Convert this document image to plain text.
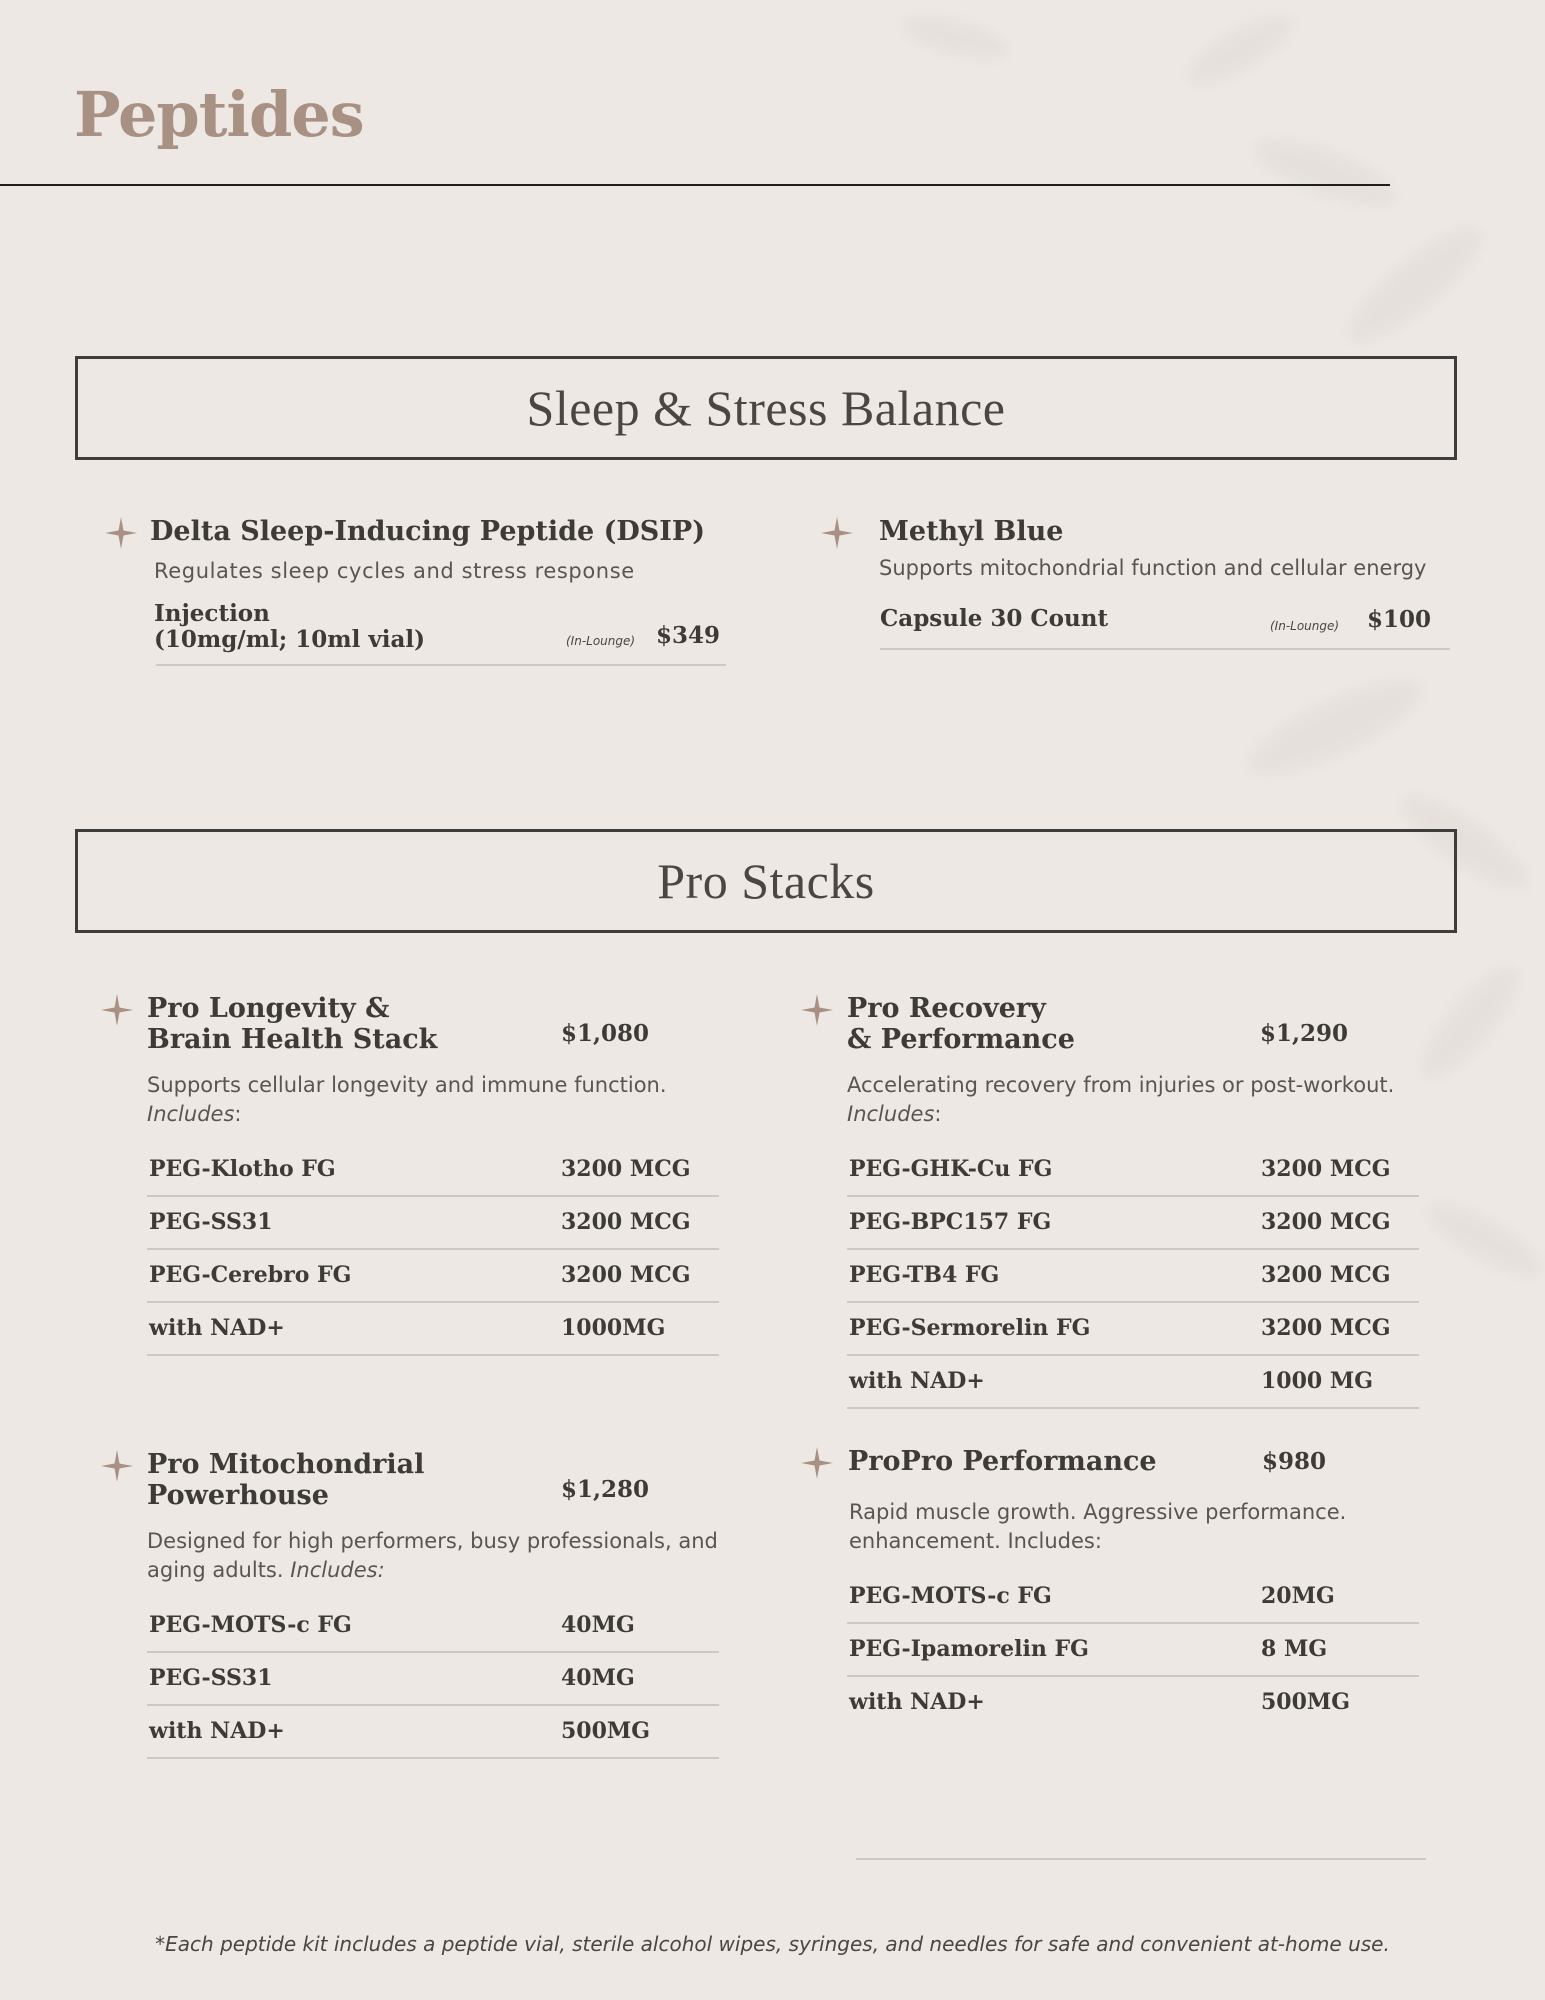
Peptides
Sleep & Stress Balance
Delta Sleep-Inducing Peptide (DSIP)
Regulates sleep cycles and stress response
Injection
(10mg/ml; 10ml vial)	(In-Lounge) $349
Methyl Blue
Supports mitochondrial function and cellular energy
Capsule 30 Count	(In-Lounge) $100
Pro Stacks
Pro Longevity &
Brain Health Stack	$1,080
Supports cellular longevity and immune function.
Includes:
PEG-Klotho FG	3200 MCG
PEG-SS31	3200 MCG
PEG-Cerebro FG	3200 MCG
with NAD+	1000MG
Pro Recovery
& Performance	$1,290
Accelerating recovery from injuries or post-workout.
Includes:
PEG-GHK-Cu FG	3200 MCG
PEG-BPC157 FG	3200 MCG
PEG-TB4 FG	3200 MCG
PEG-Sermorelin FG	3200 MCG
with NAD+	1000 MG
Pro Mitochondrial
Powerhouse	$1,280
Designed for high performers, busy professionals, and
aging adults. Includes:
PEG-MOTS-c FG	40MG
PEG-SS31	40MG
with NAD+	500MG
ProPro Performance	$980
Rapid muscle growth. Aggressive performance.
enhancement. Includes:
PEG-MOTS-c FG	20MG
PEG-Ipamorelin FG	8 MG
with NAD+	500MG
*Each peptide kit includes a peptide vial, sterile alcohol wipes, syringes, and needles for safe and convenient at-home use.
